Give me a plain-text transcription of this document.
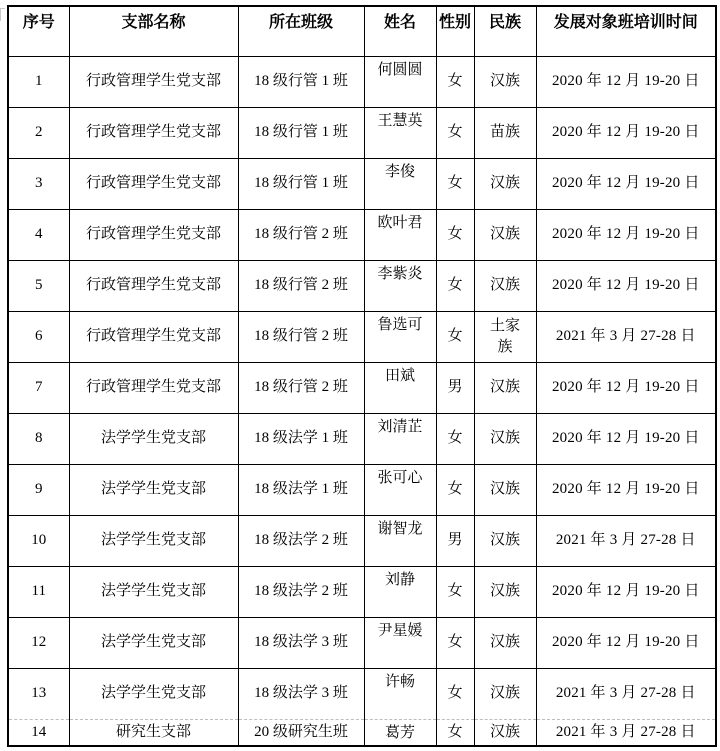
序号	支部名称	所在班级	姓名	性别	民族	发展对象班培训时间
1	行政管理学生党支部	18 级行管 1 班	何圆圆	女	汉族	2020 年 12 月 19-20 日
2	行政管理学生党支部	18 级行管 1 班	王慧英	女	苗族	2020 年 12 月 19-20 日
3	行政管理学生党支部	18 级行管 1 班	李俊	女	汉族	2020 年 12 月 19-20 日
4	行政管理学生党支部	18 级行管 2 班	欧叶君	女	汉族	2020 年 12 月 19-20 日
5	行政管理学生党支部	18 级行管 2 班	李紫炎	女	汉族	2020 年 12 月 19-20 日
6	行政管理学生党支部	18 级行管 2 班	鲁选可	女	土家族	2021 年 3 月 27-28 日
7	行政管理学生党支部	18 级行管 2 班	田斌	男	汉族	2020 年 12 月 19-20 日
8	法学学生党支部	18 级法学 1 班	刘清芷	女	汉族	2020 年 12 月 19-20 日
9	法学学生党支部	18 级法学 1 班	张可心	女	汉族	2020 年 12 月 19-20 日
10	法学学生党支部	18 级法学 2 班	谢智龙	男	汉族	2021 年 3 月 27-28 日
11	法学学生党支部	18 级法学 2 班	刘静	女	汉族	2020 年 12 月 19-20 日
12	法学学生党支部	18 级法学 3 班	尹星媛	女	汉族	2020 年 12 月 19-20 日
13	法学学生党支部	18 级法学 3 班	许畅	女	汉族	2021 年 3 月 27-28 日
14	研究生支部	20 级研究生班	葛芳	女	汉族	2021 年 3 月 27-28 日
